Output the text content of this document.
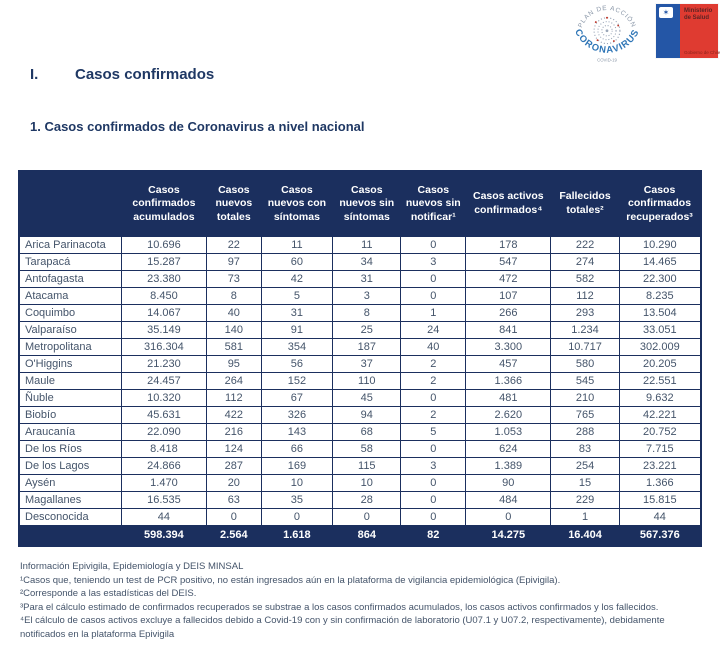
PLAN DE ACCIÓN
CORONAVIRUS
COVID-19
✶	Ministerio de Salud
Gobierno de Chile
I. Casos confirmados
1. Casos confirmados de Coronavirus a nivel nacional
	Casos confirmados acumulados	Casos nuevos totales	Casos nuevos con síntomas	Casos nuevos sin síntomas	Casos nuevos sin notificar¹	Casos activos confirmados⁴	Fallecidos totales²	Casos confirmados recuperados³
Arica Parinacota	10.696	22	11	11	0	178	222	10.290
Tarapacá	15.287	97	60	34	3	547	274	14.465
Antofagasta	23.380	73	42	31	0	472	582	22.300
Atacama	8.450	8	5	3	0	107	112	8.235
Coquimbo	14.067	40	31	8	1	266	293	13.504
Valparaíso	35.149	140	91	25	24	841	1.234	33.051
Metropolitana	316.304	581	354	187	40	3.300	10.717	302.009
O'Higgins	21.230	95	56	37	2	457	580	20.205
Maule	24.457	264	152	110	2	1.366	545	22.551
Ñuble	10.320	112	67	45	0	481	210	9.632
Biobío	45.631	422	326	94	2	2.620	765	42.221
Araucanía	22.090	216	143	68	5	1.053	288	20.752
De los Ríos	8.418	124	66	58	0	624	83	7.715
De los Lagos	24.866	287	169	115	3	1.389	254	23.221
Aysén	1.470	20	10	10	0	90	15	1.366
Magallanes	16.535	63	35	28	0	484	229	15.815
Desconocida	44	0	0	0	0	0	1	44
	598.394	2.564	1.618	864	82	14.275	16.404	567.376
Información Epivigila, Epidemiología y DEIS MINSAL
¹Casos que, teniendo un test de PCR positivo, no están ingresados aún en la plataforma de vigilancia epidemiológica (Epivigila).
²Corresponde a las estadísticas del DEIS.
³Para el cálculo estimado de confirmados recuperados se substrae a los casos confirmados acumulados, los casos activos confirmados y los fallecidos.
⁴El cálculo de casos activos excluye a fallecidos debido a Covid-19 con y sin confirmación de laboratorio (U07.1 y U07.2, respectivamente), debidamente notificados en la plataforma Epivigila
